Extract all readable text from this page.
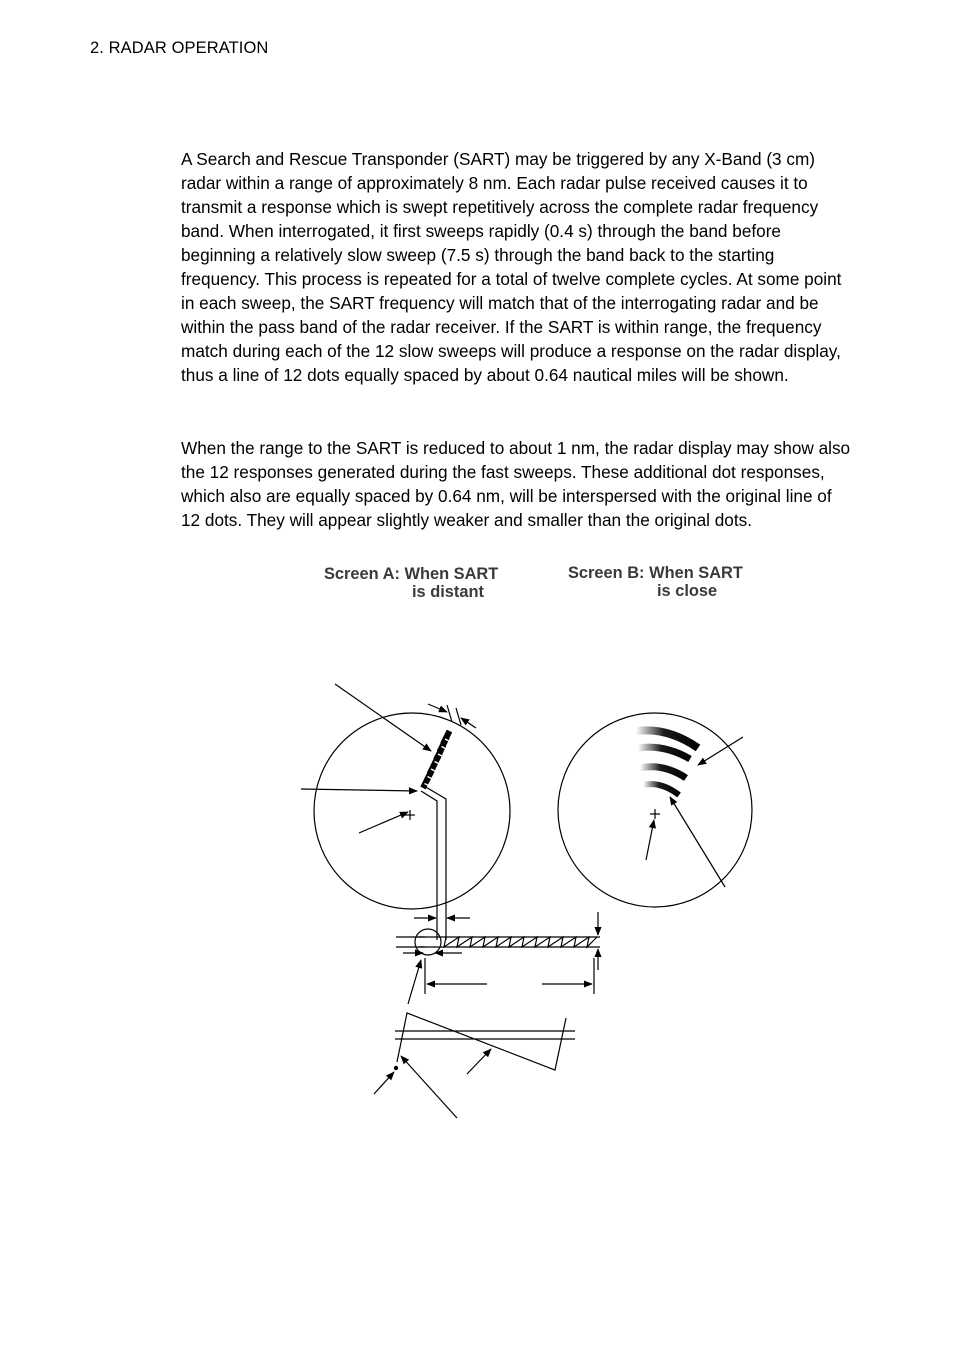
2. RADAR OPERATION

A Search and Rescue Transponder (SART) may be triggered by any X-Band (3 cm) radar within a range of approximately 8 nm. Each radar pulse received causes it to transmit a response which is swept repetitively across the complete radar frequency band. When interrogated, it first sweeps rapidly (0.4 s) through the band before beginning a relatively slow sweep (7.5 s) through the band back to the starting frequency. This process is repeated for a total of twelve complete cycles. At some point in each sweep, the SART frequency will match that of the interrogating radar and be within the pass band of the radar receiver. If the SART is within range, the frequency match during each of the 12 slow sweeps will produce a response on the radar display, thus a line of 12 dots equally spaced by about 0.64 nautical miles will be shown.

When the range to the SART is reduced to about 1 nm, the radar display may show also the 12 responses generated during the fast sweeps. These additional dot responses, which also are equally spaced by 0.64 nm, will be interspersed with the original line of 12 dots. They will appear slightly weaker and smaller than the original dots.

Screen A: When SART
is distant
Screen B: When SART
is close
